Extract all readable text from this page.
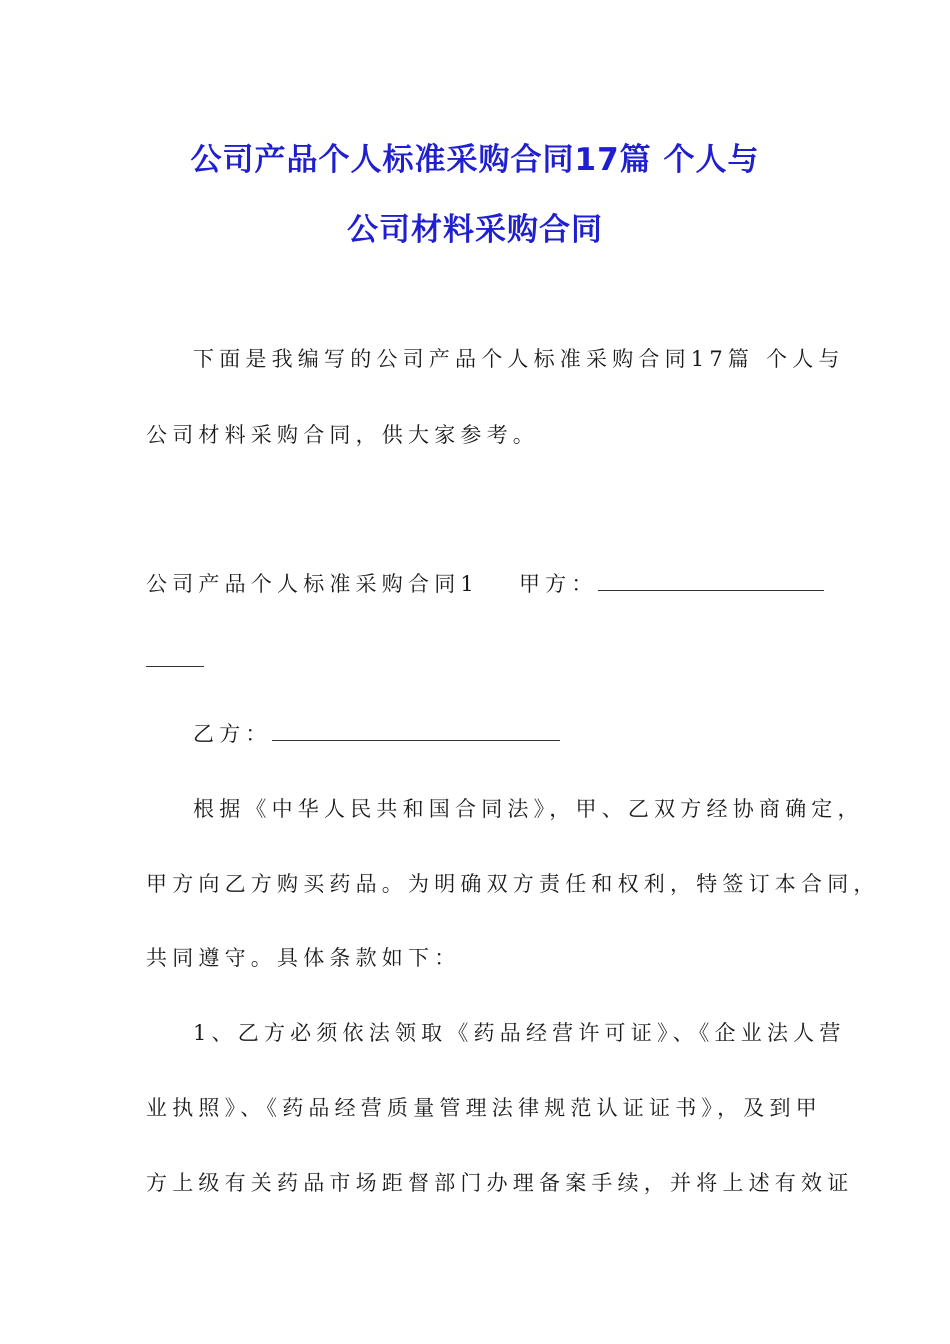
公司产品个人标准采购合同17篇 个人与
公司材料采购合同

下面是我编写的公司产品个人标准采购合同17篇 个人与

公司材料采购合同，供大家参考。

公司产品个人标准采购合同1 甲方：

乙方：

根据《中华人民共和国合同法》，甲、乙双方经协商确定，

甲方向乙方购买药品。为明确双方责任和权利，特签订本合同，

共同遵守。具体条款如下：

1、乙方必须依法领取《药品经营许可证》、《企业法人营

业执照》、《药品经营质量管理法律规范认证证书》，及到甲

方上级有关药品市场距督部门办理备案手续，并将上述有效证
